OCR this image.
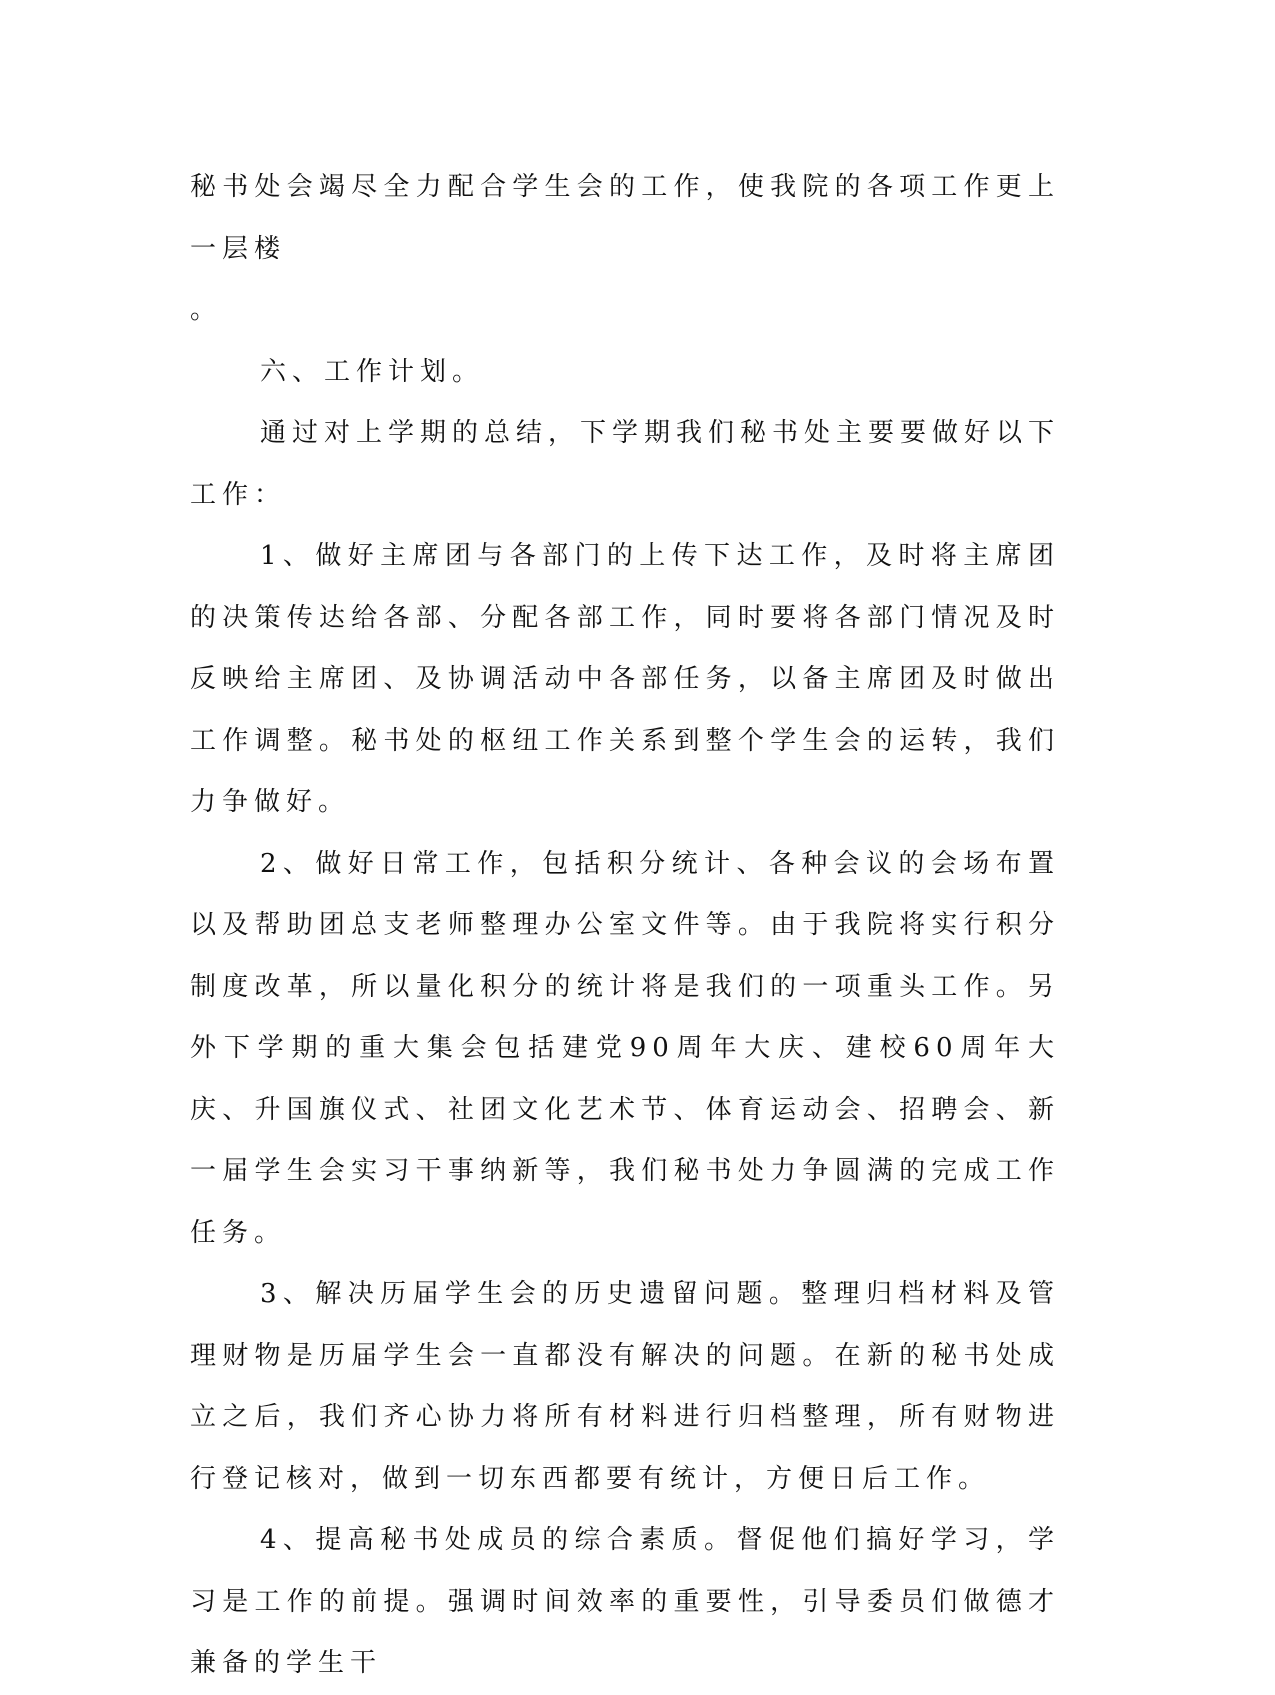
秘书处会竭尽全力配合学生会的工作，使我院的各项工作更上一层楼

。

六、工作计划。

通过对上学期的总结，下学期我们秘书处主要要做好以下工作：

1、做好主席团与各部门的上传下达工作，及时将主席团的决策传达给各部、分配各部工作，同时要将各部门情况及时反映给主席团、及协调活动中各部任务，以备主席团及时做出工作调整。秘书处的枢纽工作关系到整个学生会的运转，我们力争做好。

2、做好日常工作，包括积分统计、各种会议的会场布置以及帮助团总支老师整理办公室文件等。由于我院将实行积分制度改革，所以量化积分的统计将是我们的一项重头工作。另外下学期的重大集会包括建党90周年大庆、建校60周年大庆、升国旗仪式、社团文化艺术节、体育运动会、招聘会、新一届学生会实习干事纳新等，我们秘书处力争圆满的完成工作任务。

3、解决历届学生会的历史遗留问题。整理归档材料及管理财物是历届学生会一直都没有解决的问题。在新的秘书处成立之后，我们齐心协力将所有材料进行归档整理，所有财物进行登记核对，做到一切东西都要有统计，方便日后工作。

4、提高秘书处成员的综合素质。督促他们搞好学习，学习是工作的前提。强调时间效率的重要性，引导委员们做德才兼备的学生干
